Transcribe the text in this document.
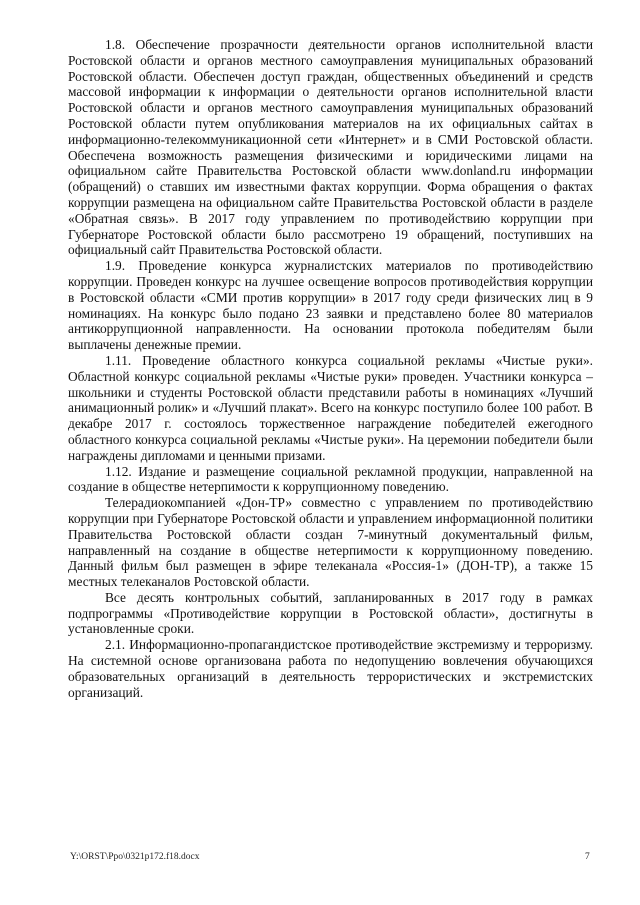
1.8. Обеспечение прозрачности деятельности органов исполнительной власти Ростовской области и органов местного самоуправления муниципальных образований Ростовской области. Обеспечен доступ граждан, общественных объединений и средств массовой информации к информации о деятельности органов исполнительной власти Ростовской области и органов местного самоуправления муниципальных образований Ростовской области путем опубликования материалов на их официальных сайтах в информационно-телекоммуникационной сети «Интернет» и в СМИ Ростовской области. Обеспечена возможность размещения физическими и юридическими лицами на официальном сайте Правительства Ростовской области www.donland.ru информации (обращений) о ставших им известными фактах коррупции. Форма обращения о фактах коррупции размещена на официальном сайте Правительства Ростовской области в разделе «Обратная связь». В 2017 году управлением по противодействию коррупции при Губернаторе Ростовской области было рассмотрено 19 обращений, поступивших на официальный сайт Правительства Ростовской области.

1.9. Проведение конкурса журналистских материалов по противодействию коррупции. Проведен конкурс на лучшее освещение вопросов противодействия коррупции в Ростовской области «СМИ против коррупции» в 2017 году среди физических лиц в 9 номинациях. На конкурс было подано 23 заявки и представлено более 80 материалов антикоррупционной направленности. На основании протокола победителям были выплачены денежные премии.

1.11. Проведение областного конкурса социальной рекламы «Чистые руки». Областной конкурс социальной рекламы «Чистые руки» проведен. Участники конкурса – школьники и студенты Ростовской области представили работы в номинациях «Лучший анимационный ролик» и «Лучший плакат». Всего на конкурс поступило более 100 работ. В декабре 2017 г. состоялось торжественное награждение победителей ежегодного областного конкурса социальной рекламы «Чистые руки». На церемонии победители были награждены дипломами и ценными призами.

1.12. Издание и размещение социальной рекламной продукции, направленной на создание в обществе нетерпимости к коррупционному поведению.

Телерадиокомпанией «Дон-ТР» совместно с управлением по противодействию коррупции при Губернаторе Ростовской области и управлением информационной политики Правительства Ростовской области создан 7-минутный документальный фильм, направленный на создание в обществе нетерпимости к коррупционному поведению. Данный фильм был размещен в эфире телеканала «Россия-1» (ДОН-ТР), а также 15 местных телеканалов Ростовской области.

Все десять контрольных событий, запланированных в 2017 году в рамках подпрограммы «Противодействие коррупции в Ростовской области», достигнуты в установленные сроки.

2.1. Информационно-пропагандистское противодействие экстремизму и терроризму. На системной основе организована работа по недопущению вовлечения обучающихся образовательных организаций в деятельность террористических и экстремистских организаций.

Y:\ORST\Ppo\0321p172.f18.docx	7
